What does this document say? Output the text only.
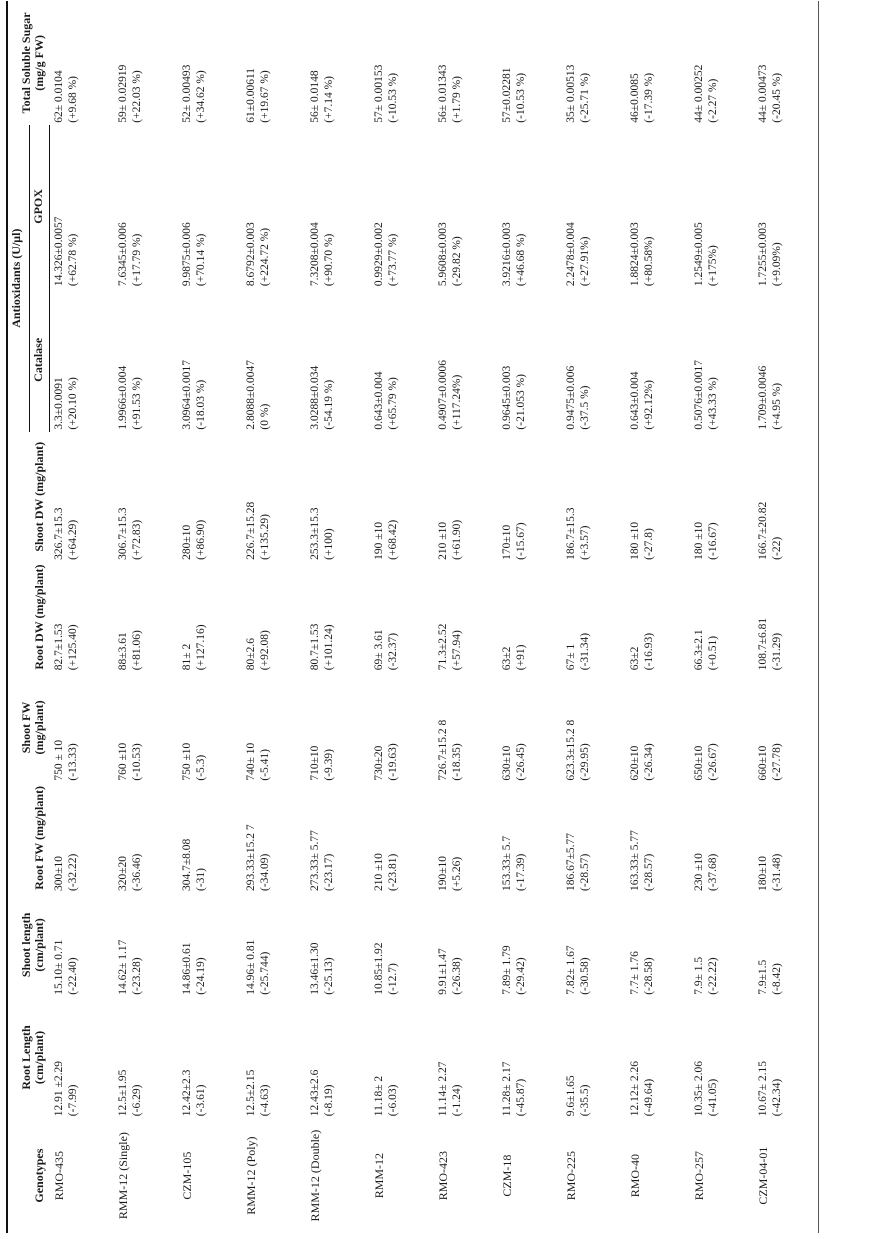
Genotypes	Root Length (cm/plant)	Shoot length (cm/plant)	Root FW (mg/plant)	Shoot FW (mg/plant)	Root DW (mg/plant)	Shoot DW (mg/plant)	Antioxidants (U/μl)		Total Soluble Sugar (mg/g FW)
							Catalase	GPOX	
RMO-435	12.91 ±2.29 (-7.99)	15.10± 0.71 (-22.40)	300±10 (-32.22)	750 ± 10 (-13.33)	82.7±1.53 (+125.40)	326.7±15.3 (+64.29)	3.3±0.0091 (+20.10 %)	14.326±0.0057 (+62.78 %)	62± 0.0104 (+9.68 %)

RMM-12 (Single)	12.5±1.95 (-6.29)	14.62± 1.17 (-23.28)	320±20 (-36.46)	760 ±10 (-10.53)	88±3.61 (+81.06)	306.7±15.3 (+72.83)	1.9966±0.004 (+91.53 %)	7.6345±0.006 (+17.79 %)	59± 0.02919 (+22.03 %)

CZM-105	12.42±2.3 (-3.61)	14.86±0.61 (-24.19)	304.7±8.08 (-31)	750 ±10 (-5.3)	81± 2 (+127.16)	280±10 (+86.90)	3.0964±0.0017 (-18.03 %)	9.9875±0.006 (+70.14 %)	52± 0.00493 (+34.62 %)

RMM-12 (Poly)	12.5±2.15 (-4.63)	14.96± 0.81 (-25.744)	293.33±15.2 7 (-34.09)	740± 10 (-5.41)	80±2.6 (+92.08)	226.7±15.28 (+135.29)	2.8088±0.0047 (0 %)	8.6792±0.003 (+224.72 %)	61±0.00611 (+19.67 %)

RMM-12 (Double)	12.43±2.6 (-8.19)	13.46±1.30 (-25.13)	273.33± 5.77 (-23.17)	710±10 (-9.39)	80.7±1.53 (+101.24)	253.3±15.3 (+100)	3.0288±0.034 (-54.19 %)	7.3208±0.004 (+90.70 %)	56± 0.0148 (+7.14 %)

RMM-12	11.18± 2 (-6.03)	10.85±1.92 (-12.7)	210 ±10 (-23.81)	730±20 (-19.63)	69± 3.61 (-32.37)	190 ±10 (+68.42)	0.643±0.004 (+65.79 %)	0.9929±0.002 (+73.77 %)	57± 0.00153 (-10.53 %)

RMO-423	11.14± 2.27 (-1.24)	9.91±1.47 (-26.38)	190±10 (+5.26)	726.7±15.2 8 (-18.35)	71.3±2.52 (+57.94)	210 ±10 (+61.90)	0.4907±0.0006 (+117.24%)	5.9608±0.003 (-29.82 %)	56± 0.01343 (+1.79 %)

CZM-18	11.28± 2.17 (-45.87)	7.89± 1.79 (-29.42)	153.33± 5.7 (-17.39)	630±10 (-26.45)	63±2 (+91)	170±10 (-15.67)	0.9645±0.003 (-21.053 %)	3.9216±0.003 (+46.68 %)	57±0.02281 (-10.53 %)

RMO-225	9.6±1.65 (-35.5)	7.82± 1.67 (-30.58)	186.67±5.77 (-28.57)	623.3±15.2 8 (-29.95)	67± 1 (-31.34)	186.7±15.3 (+3.57)	0.9475±0.006 (-37.5 %)	2.2478±0.004 (+27.91%)	35± 0.00513 (-25.71 %)

RMO-40	12.12± 2.26 (-49.64)	7.7± 1.76 (-28.58)	163.33± 5.77 (-28.57)	620±10 (-26.34)	63±2 (-16.93)	180 ±10 (-27.8)	0.643±0.004 (+92.12%)	1.8824±0.003 (+80.58%)	46±0.0085 (-17.39 %)

RMO-257	10.35± 2.06 (-41.05)	7.9± 1.5 (-22.22)	230 ±10 (-37.68)	650±10 (-26.67)	66.3±2.1 (+0.51)	180 ±10 (-16.67)	0.5076±0.0017 (+43.33 %)	1.2549±0.005 (+175%)	44± 0.00252 (-2.27 %)

CZM-04-01	10.67± 2.15 (-42.34)	7.9±1.5 (-8.42)	180±10 (-31.48)	660±10 (-27.78)	108.7±6.81 (-31.29)	166.7±20.82 (-22)	1.709±0.0046 (+4.95 %)	1.7255±0.003 (+9.09%)	44± 0.00473 (-20.45 %)
